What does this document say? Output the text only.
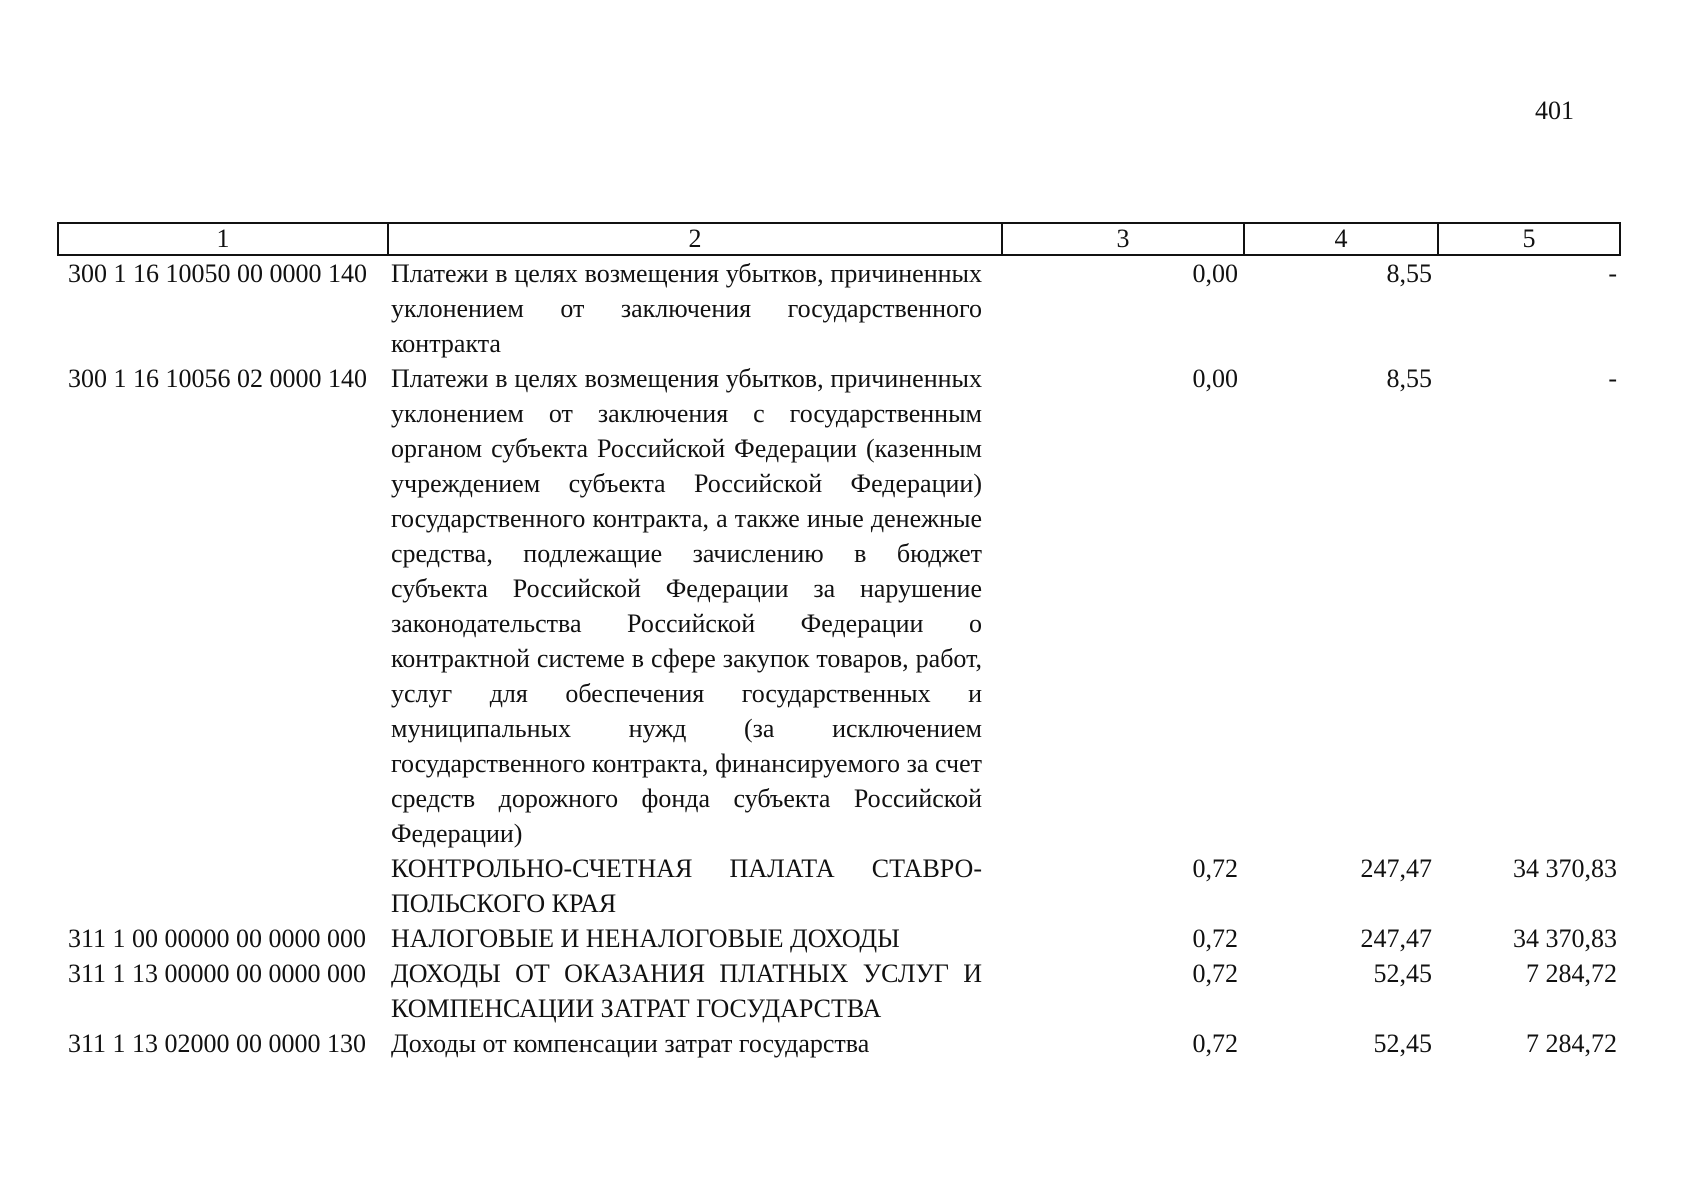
401
1	2	3	4	5
300 1 16 10050 00 0000 140	Платежи в целях возмещения убытков, причиненных уклонением от заключения государственного контракта	0,00	8,55	-
300 1 16 10056 02 0000 140	Платежи в целях возмещения убытков, причиненных уклонением от заключения с государственным органом субъекта Российской Федерации (казенным учреждением субъекта Российской Федерации) государственного контракта, а также иные денежные средства, подлежащие зачислению в бюджет субъекта Российской Федерации за нарушение законодательства Российской Федерации о контрактной системе в сфере закупок товаров, работ, услуг для обеспечения государственных и муниципальных нужд (за исключением государственного контракта, финансируемого за счет средств дорожного фонда субъекта Российской Федерации)	0,00	8,55	-
	КОНТРОЛЬНО-СЧЕТНАЯ ПАЛАТА СТАВРО-ПОЛЬСКОГО КРАЯ	0,72	247,47	34 370,83
311 1 00 00000 00 0000 000	НАЛОГОВЫЕ И НЕНАЛОГОВЫЕ ДОХОДЫ	0,72	247,47	34 370,83
311 1 13 00000 00 0000 000	ДОХОДЫ ОТ ОКАЗАНИЯ ПЛАТНЫХ УСЛУГ И КОМПЕНСАЦИИ ЗАТРАТ ГОСУДАРСТВА	0,72	52,45	7 284,72
311 1 13 02000 00 0000 130	Доходы от компенсации затрат государства	0,72	52,45	7 284,72
